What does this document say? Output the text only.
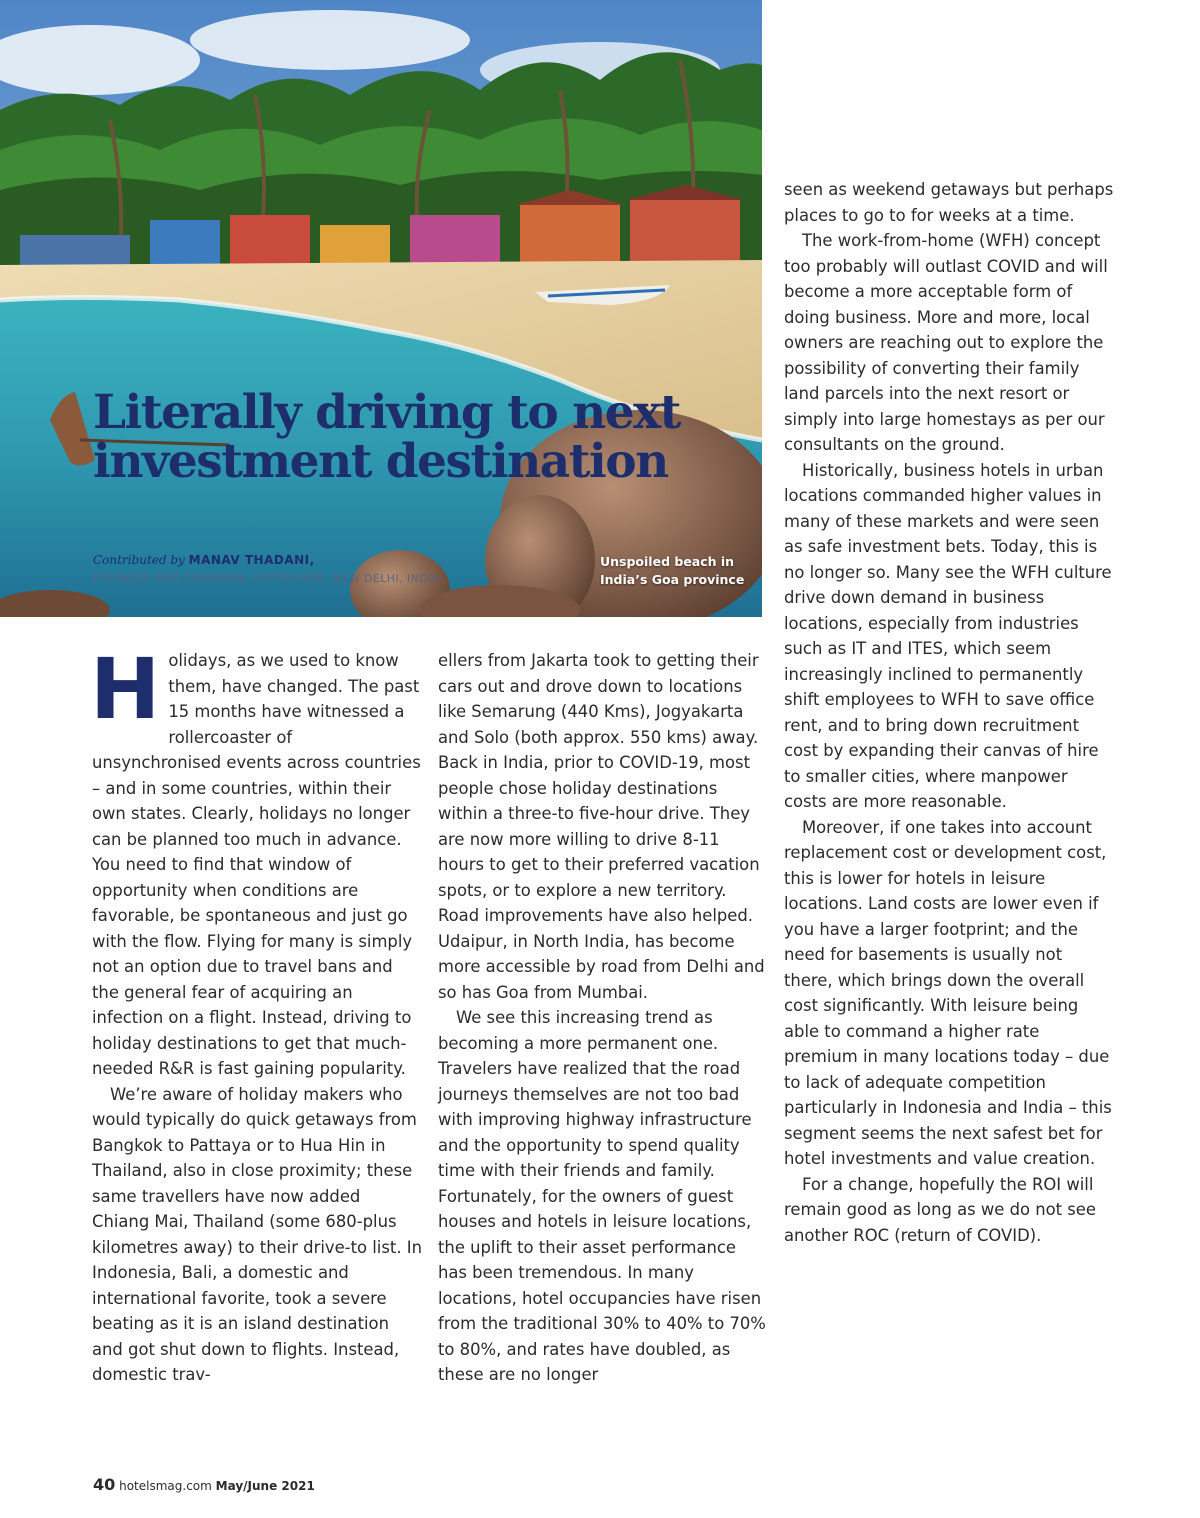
Literally driving to next investment destination
Contributed by MANAV THADANI,
FOUNDER AND CHAIRMAN, HOTELIVATE, NEW DELHI, INDIA
Unspoiled beach in
India’s Goa province

Holidays, as we used to know them, have changed. The past 15 months have witnessed a rollercoaster of unsynchronised events across countries – and in some countries, within their own states. Clearly, holidays no longer can be planned too much in advance. You need to find that window of opportunity when conditions are favorable, be spontaneous and just go with the flow. Flying for many is simply not an option due to travel bans and the general fear of acquiring an infection on a flight. Instead, driving to holiday destinations to get that much-needed R&R is fast gaining popularity.

We’re aware of holiday makers who would typically do quick getaways from Bangkok to Pattaya or to Hua Hin in Thailand, also in close proximity; these same travellers have now added Chiang Mai, Thailand (some 680-plus kilometres away) to their drive-to list. In Indonesia, Bali, a domestic and international favorite, took a severe beating as it is an island destination and got shut down to flights. Instead, domestic trav-

ellers from Jakarta took to getting their cars out and drove down to locations like Semarung (440 Kms), Jogyakarta and Solo (both approx. 550 kms) away. Back in India, prior to COVID-19, most people chose holiday destinations within a three-to five-hour drive. They are now more willing to drive 8-11 hours to get to their preferred vacation spots, or to explore a new territory. Road improvements have also helped. Udaipur, in North India, has become more accessible by road from Delhi and so has Goa from Mumbai.

We see this increasing trend as becoming a more permanent one. Travelers have realized that the road journeys themselves are not too bad with improving highway infrastructure and the opportunity to spend quality time with their friends and family. Fortunately, for the owners of guest houses and hotels in leisure locations, the uplift to their asset performance has been tremendous. In many locations, hotel occupancies have risen from the traditional 30% to 40% to 70% to 80%, and rates have doubled, as these are no longer

seen as weekend getaways but perhaps places to go to for weeks at a time.

The work-from-home (WFH) concept too probably will outlast COVID and will become a more acceptable form of doing business. More and more, local owners are reaching out to explore the possibility of converting their family land parcels into the next resort or simply into large homestays as per our consultants on the ground.

Historically, business hotels in urban locations commanded higher values in many of these markets and were seen as safe investment bets. Today, this is no longer so. Many see the WFH culture drive down demand in business locations, especially from industries such as IT and ITES, which seem increasingly inclined to permanently shift employees to WFH to save office rent, and to bring down recruitment cost by expanding their canvas of hire to smaller cities, where manpower costs are more reasonable.

Moreover, if one takes into account replacement cost or development cost, this is lower for hotels in leisure locations. Land costs are lower even if you have a larger footprint; and the need for basements is usually not there, which brings down the overall cost significantly. With leisure being able to command a higher rate premium in many locations today – due to lack of adequate competition particularly in Indonesia and India – this segment seems the next safest bet for hotel investments and value creation.

For a change, hopefully the ROI will remain good as long as we do not see another ROC (return of COVID).

40 hotelsmag.com May/June 2021
